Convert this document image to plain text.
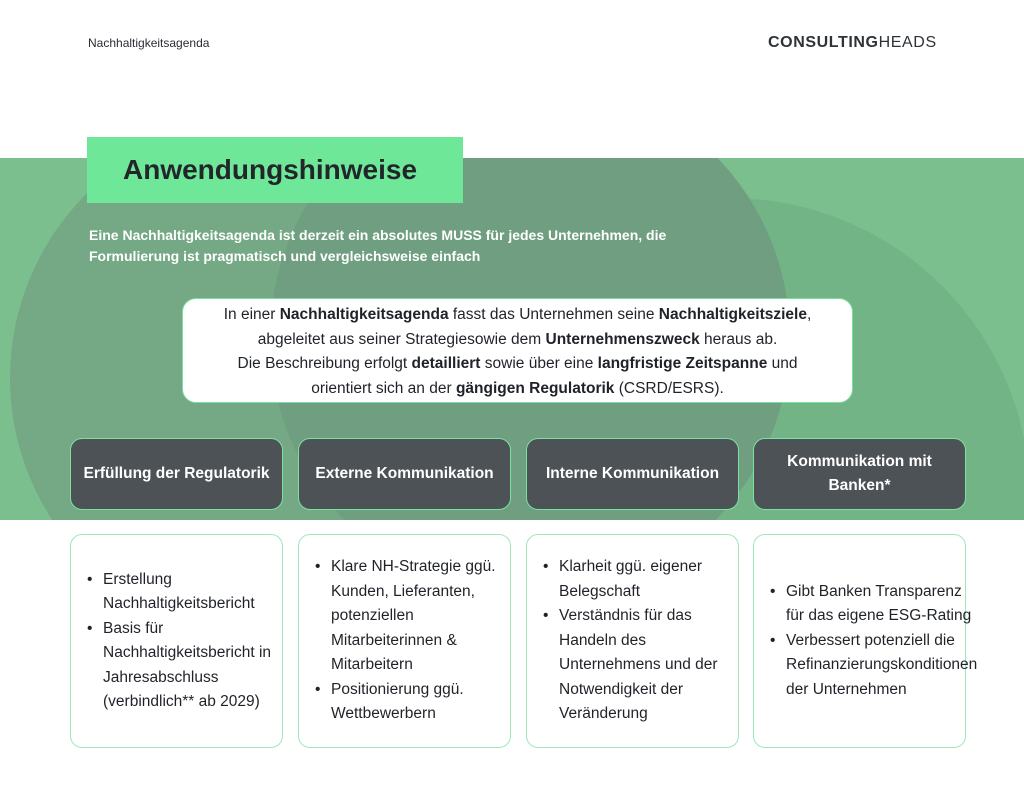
Nachhaltigkeitsagenda	CONSULTINGHEADS
Anwendungshinweise
Eine Nachhaltigkeitsagenda ist derzeit ein absolutes MUSS für jedes Unternehmen, die Formulierung ist pragmatisch und vergleichsweise einfach
In einer Nachhaltigkeitsagenda fasst das Unternehmen seine Nachhaltigkeitsziele,
abgeleitet aus seiner Strategiesowie dem Unternehmenszweck heraus ab.
Die Beschreibung erfolgt detailliert sowie über eine langfristige Zeitspanne und
orientiert sich an der gängigen Regulatorik (CSRD/ESRS).
Erfüllung der Regulatorik	Externe Kommunikation	Interne Kommunikation
Kommunikation mit Banken*
• Erstellung Nachhaltigkeitsbericht
• Basis für Nachhaltigkeitsbericht in Jahresabschluss (verbindlich** ab 2029)
• Klare NH-Strategie ggü. Kunden, Lieferanten, potenziellen Mitarbeiterinnen & Mitarbeitern
• Positionierung ggü. Wettbewerbern
• Klarheit ggü. eigener Belegschaft
• Verständnis für das Handeln des Unternehmens und der Notwendigkeit der Veränderung
• Gibt Banken Transparenz für das eigene ESG-Rating
• Verbessert potenziell die Refinanzierungskonditionen der Unternehmen
